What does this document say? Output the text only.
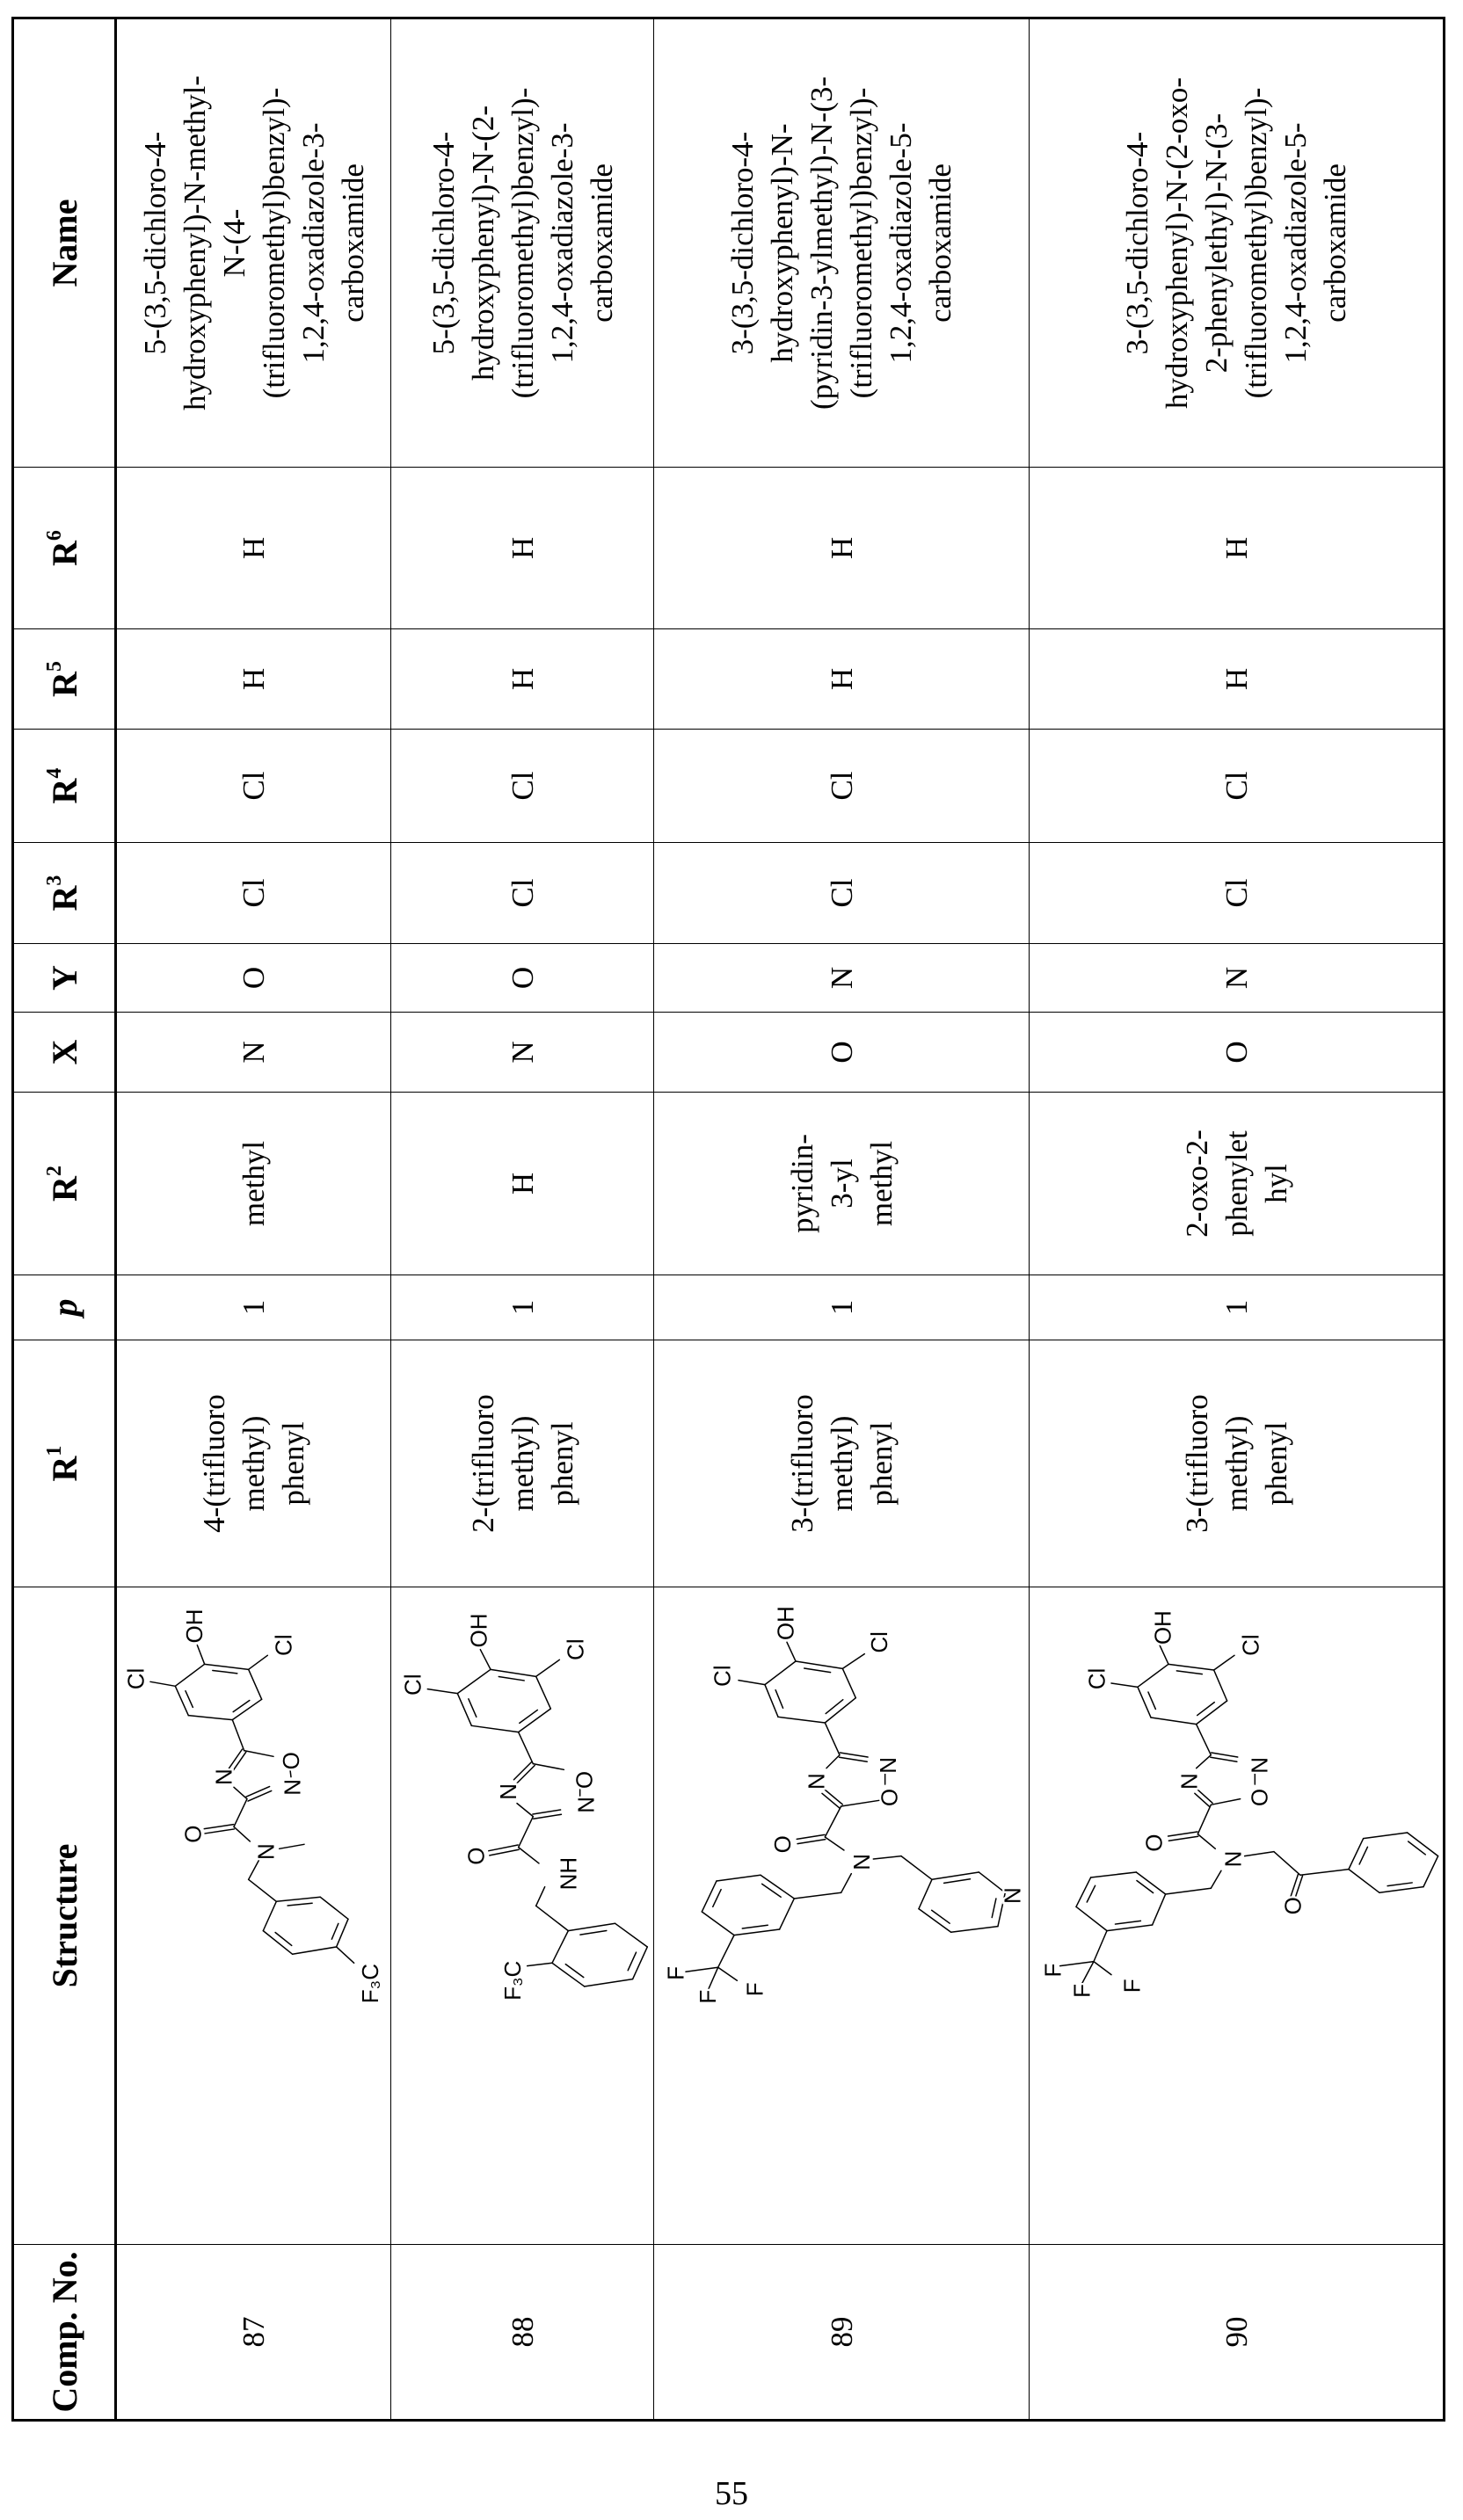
Comp. No.	Structure	R1	p	R2	X	Y	R3	R4	R5	R6	Name
87		4-(trifluoro
methyl)
phenyl	1	methyl	N	O	Cl	Cl	H	H	5-(3,5-dichloro-4-
hydroxyphenyl)-N-methyl-
N-(4-
(trifluoromethyl)benzyl)-
1,2,4-oxadiazole-3-
carboxamide
88		2-(trifluoro
methyl)
phenyl	1	H	N	O	Cl	Cl	H	H	5-(3,5-dichloro-4-
hydroxyphenyl)-N-(2-
(trifluoromethyl)benzyl)-
1,2,4-oxadiazole-3-
carboxamide
89		3-(trifluoro
methyl)
phenyl	1	pyridin-
3-yl
methyl	O	N	Cl	Cl	H	H	3-(3,5-dichloro-4-
hydroxyphenyl)-N-
(pyridin-3-ylmethyl)-N-(3-
(trifluoromethyl)benzyl)-
1,2,4-oxadiazole-5-
carboxamide
90		3-(trifluoro
methyl)
phenyl	1	2-oxo-2-
phenylet
hyl	O	N	Cl	Cl	H	H	3-(3,5-dichloro-4-
hydroxyphenyl)-N-(2-oxo-
2-phenylethyl)-N-(3-
(trifluoromethyl)benzyl)-
1,2,4-oxadiazole-5-
carboxamide
OH
Cl
Cl
O
N
N
O
N
F₃C
OH
Cl
Cl
O
N
N
O
NH
F₃C
OH
Cl
Cl
N
O
N
O
N
N
F
F
F
OH
Cl
Cl
N
O
N
O
N
O
F
F F
55
